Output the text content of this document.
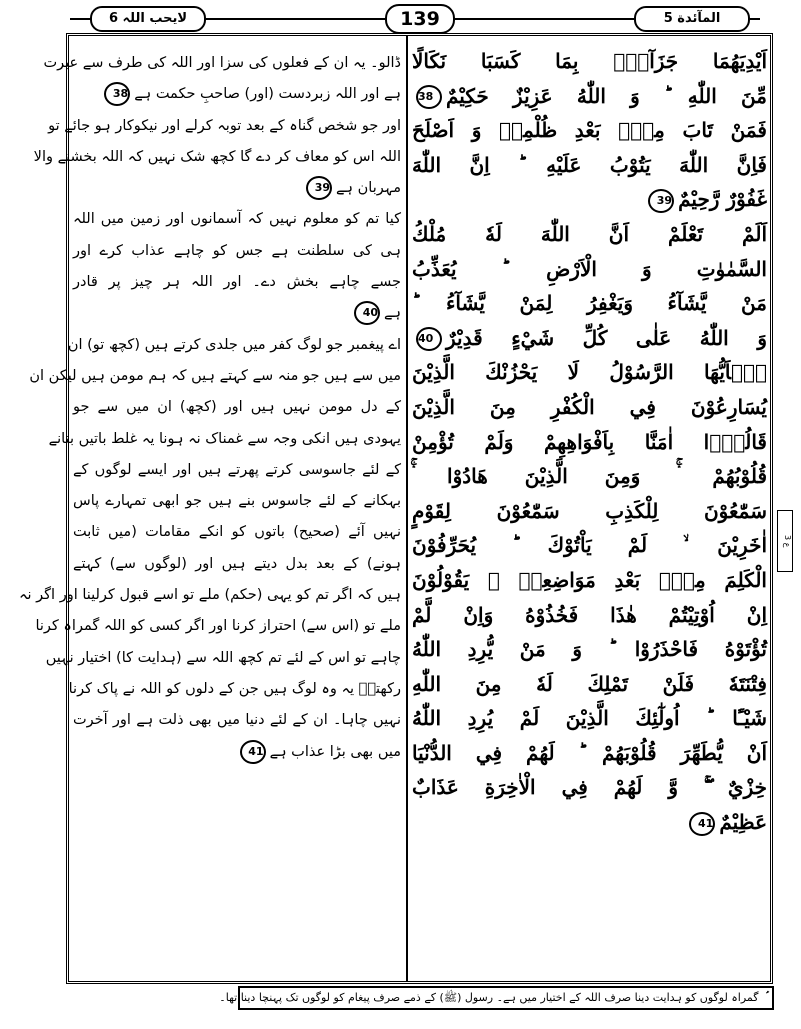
لایحب اللہ 6	139	المآئدة 5
اَيْدِيَهُمَا جَزَآءًۢ بِمَا كَسَبَا نَكَالًا
مِّنَ اللّٰهِ ؕ وَ اللّٰهُ عَزِيْزٌ حَكِيْمٌ38
فَمَنْ تَابَ مِنْۢ بَعْدِ ظُلْمِهٖ وَ اَصْلَحَ
فَاِنَّ اللّٰهَ يَتُوْبُ عَلَيْهِ ؕ اِنَّ اللّٰهَ
غَفُوْرٌ رَّحِيْمٌ39
اَلَمْ تَعْلَمْ اَنَّ اللّٰهَ لَهٗ مُلْكُ
السَّمٰوٰتِ وَ الْاَرْضِ ؕ يُعَذِّبُ
مَنْ يَّشَآءُ وَيَغْفِرُ لِمَنْ يَّشَآءُ ؕ
وَ اللّٰهُ عَلٰى كُلِّ شَيْءٍ قَدِيْرٌ40
يٰۤاَيُّهَا الرَّسُوْلُ لَا يَحْزُنْكَ الَّذِيْنَ
يُسَارِعُوْنَ فِي الْكُفْرِ مِنَ الَّذِيْنَ
قَالُوْۤا اٰمَنَّا بِاَفْوَاهِهِمْ وَلَمْ تُؤْمِنْ
قُلُوْبُهُمْ ۛۚ وَمِنَ الَّذِيْنَ هَادُوْا ۛۚ
سَمّٰعُوْنَ لِلْكَذِبِ سَمّٰعُوْنَ لِقَوْمٍ
اٰخَرِيْنَ ۙ لَمْ يَاْتُوْكَ ؕ يُحَرِّفُوْنَ
الْكَلِمَ مِنْۢ بَعْدِ مَوَاضِعِهٖ ۚ يَقُوْلُوْنَ
اِنْ اُوْتِيْتُمْ هٰذَا فَخُذُوْهُ وَاِنْ لَّمْ
تُؤْتَوْهُ فَاحْذَرُوْا ؕ وَ مَنْ يُّرِدِ اللّٰهُ
فِتْنَتَهٗ فَلَنْ تَمْلِكَ لَهٗ مِنَ اللّٰهِ
شَيْـًٔا ؕ اُولٰٓئِكَ الَّذِيْنَ لَمْ يُرِدِ اللّٰهُ
اَنْ يُّطَهِّرَ قُلُوْبَهُمْ ؕ لَهُمْ فِي الدُّنْيَا
خِزْيٌ ۚۖ وَّ لَهُمْ فِي الْاٰخِرَةِ عَذَابٌ
عَظِيْمٌ41
ڈالو۔ یہ ان کے فعلوں کی سزا اور اللہ کی طرف سے عبرت
ہے اور اللہ زبردست (اور) صاحبِ حکمت ہے38
اور جو شخص گناہ کے بعد توبہ کرلے اور نیکوکار ہو جائے تو
اللہ اس کو معاف کر دے گا کچھ شک نہیں کہ اللہ بخشنے والا
مہربان ہے39
کیا تم کو معلوم نہیں کہ آسمانوں اور زمین میں اللہ
ہی کی سلطنت ہے جس کو چاہے عذاب کرے اور
جسے چاہے بخش دے۔ اور اللہ ہر چیز پر قادر
ہے40
اے پیغمبر جو لوگ کفر میں جلدی کرتے ہیں (کچھ تو) ان
میں سے ہیں جو منہ سے کہتے ہیں کہ ہم مومن ہیں لیکن ان
کے دل مومن نہیں ہیں اور (کچھ) ان میں سے جو
یہودی ہیں انکی وجہ سے غمناک نہ ہونا یہ غلط باتیں بنانے
کے لئے جاسوسی کرتے پھرتے ہیں اور ایسے لوگوں کے
بہکانے کے لئے جاسوس بنے ہیں جو ابھی تمہارے پاس
نہیں آئے (صحیح) باتوں کو انکے مقامات (میں ثابت
ہونے) کے بعد بدل دیتے ہیں اور (لوگوں سے) کہتے
ہیں کہ اگر تم کو یہی (حکم) ملے تو اسے قبول کرلینا اور اگر نہ
ملے تو (اس سے) احتراز کرنا اور اگر کسی کو اللہ گمراہ کرنا
چاہے تو اس کے لئے تم کچھ اللہ سے (ہدایت کا) اختیار نہیں
رکھتےؑ یہ وہ لوگ ہیں جن کے دلوں کو اللہ نے پاک کرنا
نہیں چاہا۔ ان کے لئے دنیا میں بھی ذلت ہے اور آخرت
میں بھی بڑا عذاب ہے41
ع 3
گمراہ لوگوں کو ہدایت دینا صرف اللہ کے اختیار میں ہے۔ رسول (ﷺ) کے ذمے صرف پیغام کو لوگوں تک پہنچا دینا تھا۔
